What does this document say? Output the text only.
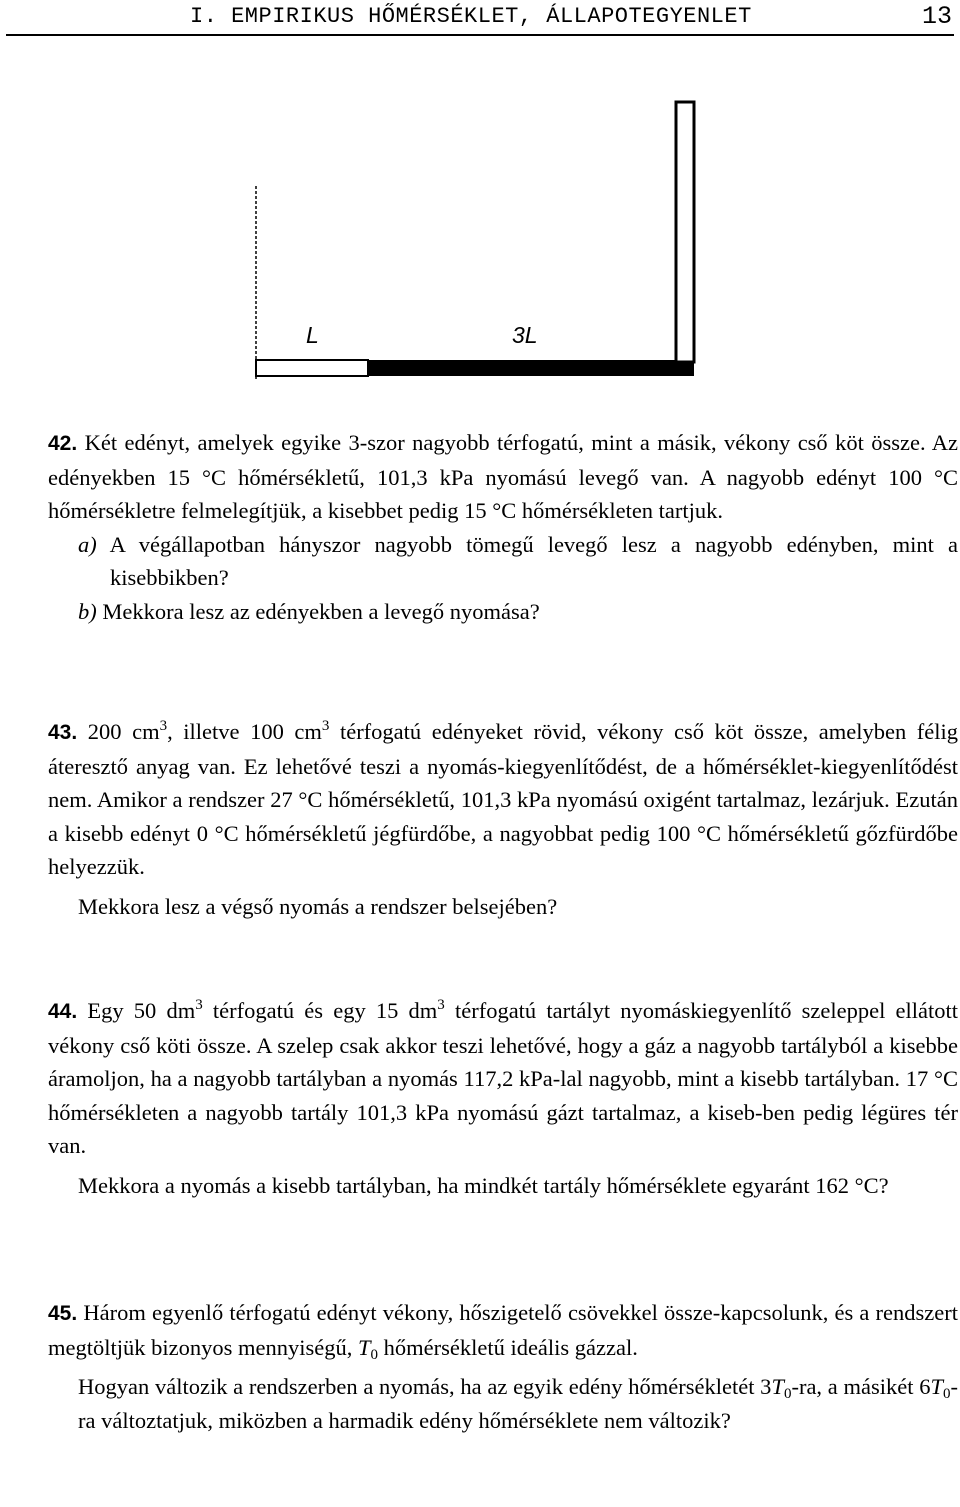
I. EMPIRIKUS HŐMÉRSÉKLET, ÁLLAPOTEGYENLET	13
L	3L

42. Két edényt, amelyek egyike 3-szor nagyobb térfogatú, mint a másik, vékony cső köt össze. Az edényekben 15 °C hőmérsékletű, 101,3 kPa nyomású levegő van. A nagyobb edényt 100 °C hőmérsékletre felmelegítjük, a kisebbet pedig 15 °C hőmérsékleten tartjuk.

a) A végállapotban hányszor nagyobb tömegű levegő lesz a nagyobb edényben, mint a kisebbikben?

b) Mekkora lesz az edényekben a levegő nyomása?

43. 200 $cm^3$, illetve 100 $cm^3$ térfogatú edényeket rövid, vékony cső köt össze, amelyben félig áteresztő anyag van. Ez lehetővé teszi a nyomás-kiegyenlítődést, de a hőmérséklet-kiegyenlítődést nem. Amikor a rendszer 27 °C hőmérsékletű, 101,3 kPa nyomású oxigént tartalmaz, lezárjuk. Ezután a kisebb edényt 0 °C hőmérsékletű jégfürdőbe, a nagyobbat pedig 100 °C hőmérsékletű gőzfürdőbe helyezzük.

Mekkora lesz a végső nyomás a rendszer belsejében?

44. Egy 50 $dm^3$ térfogatú és egy 15 $dm^3$ térfogatú tartályt nyomáskiegyenlítő szeleppel ellátott vékony cső köti össze. A szelep csak akkor teszi lehetővé, hogy a gáz a nagyobb tartályból a kisebbe áramoljon, ha a nagyobb tartályban a nyomás 117,2 kPa-lal nagyobb, mint a kisebb tartályban. 17 °C hőmérsékleten a nagyobb tartály 101,3 kPa nyomású gázt tartalmaz, a kiseb-ben pedig légüres tér van.

Mekkora a nyomás a kisebb tartályban, ha mindkét tartály hőmérséklete egyaránt 162 °C?

45. Három egyenlő térfogatú edényt vékony, hőszigetelő csövekkel össze-kapcsolunk, és a rendszert megtöltjük bizonyos mennyiségű, $T_0$ hőmérsékletű ideális gázzal.

Hogyan változik a rendszerben a nyomás, ha az egyik edény hőmérsékletét $3T_0-ra$, a másikét $6T_0-ra$ változtatjuk, miközben a harmadik edény hőmérséklete nem változik?
